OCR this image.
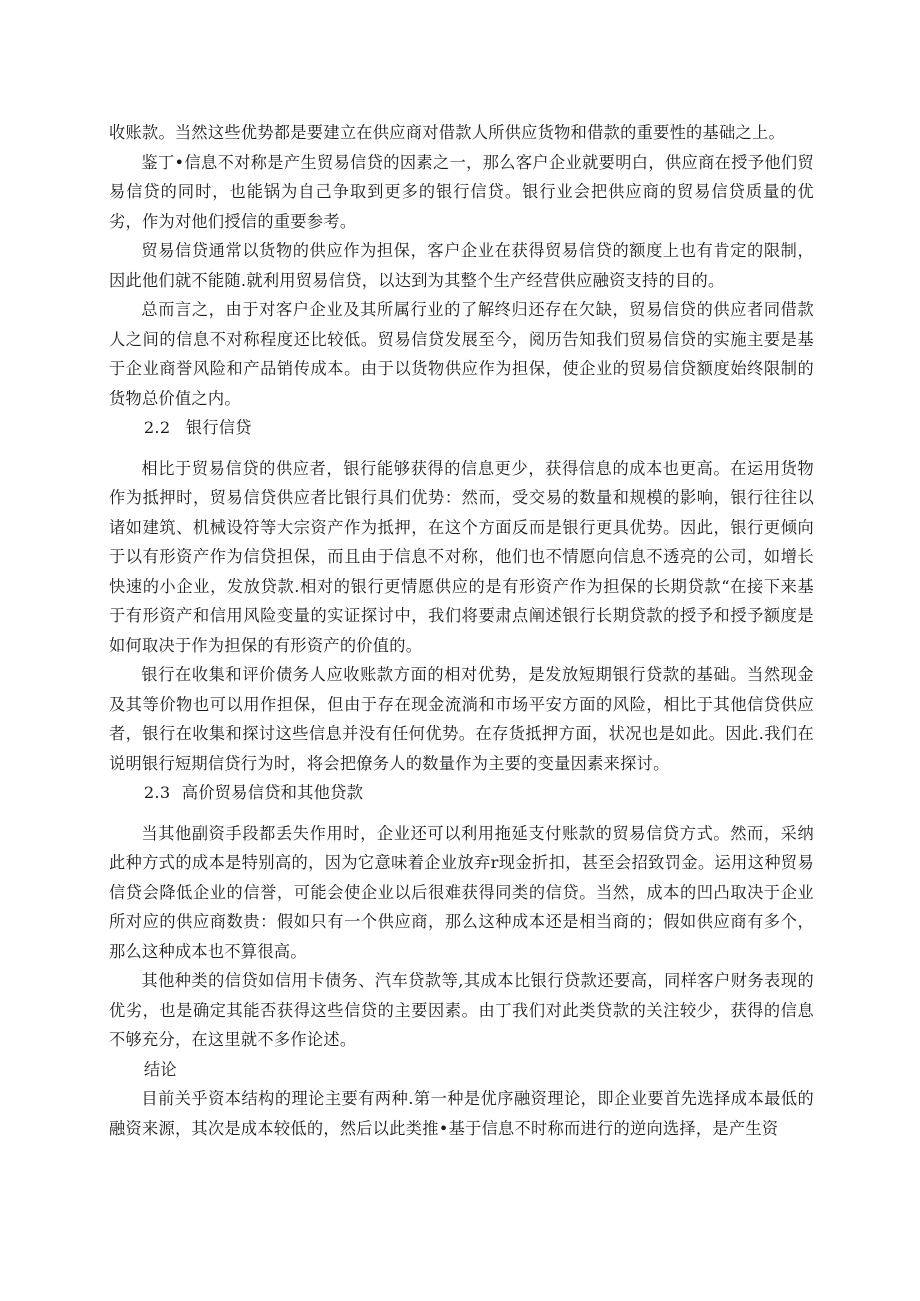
收账款。当然这些优势都是要建立在供应商对借款人所供应货物和借款的重要性的基础之上。

鉴丁•信息不对称是产生贸易信贷的因素之一，那么客户企业就要明白，供应商在授予他们贸易信贷的同时，也能锅为自己争取到更多的银行信贷。银行业会把供应商的贸易信贷质量的优劣，作为对他们授信的重要参考。

贸易信贷通常以货物的供应作为担保，客户企业在获得贸易信贷的额度上也有肯定的限制，因此他们就不能随.就利用贸易信贷，以达到为其整个生产经营供应融资支持的目的。

总而言之，由于对客户企业及其所属行业的了解终归还存在欠缺，贸易信贷的供应者同借款人之间的信息不对称程度还比较低。贸易信贷发展至今，阅历告知我们贸易信贷的实施主要是基于企业商誉风险和产品销传成本。由于以货物供应作为担保，使企业的贸易信贷额度始终限制的货物总价值之内。

2.2 银行信贷

相比于贸易信贷的供应者，银行能够获得的信息更少，获得信息的成本也更高。在运用货物作为抵押时，贸易信贷供应者比银行具们优势：然而，受交易的数量和规模的影响，银行往往以诸如建筑、机械设符等大宗资产作为抵押，在这个方面反而是银行更具优势。因此，银行更倾向于以有形资产作为信贷担保，而且由于信息不对称，他们也不情愿向信息不透亮的公司，如增长快速的小企业，发放贷款.相对的银行更情愿供应的是有形资产作为担保的长期贷款“在接下来基于有形资产和信用风险变量的实证探讨中，我们将要肃点阐述银行长期贷款的授予和授予额度是如何取决于作为担保的有形资产的价值的。

银行在收集和评价债务人应收账款方面的相对优势，是发放短期银行贷款的基础。当然现金及其等价物也可以用作担保，但由于存在现金流淌和市场平安方面的风险，相比于其他信贷供应者，银行在收集和探讨这些信息并没有任何优势。在存货抵押方面，状况也是如此。因此.我们在说明银行短期信贷行为时，将会把僚务人的数量作为主要的变量因素来探讨。

2.3 高价贸易信贷和其他贷款

当其他副资手段都丢失作用时，企业还可以利用拖延支付账款的贸易信贷方式。然而，采纳此种方式的成本是特别高的，因为它意味着企业放弃r现金折扣，甚至会招致罚金。运用这种贸易信贷会降低企业的信誉，可能会使企业以后很难获得同类的信贷。当然，成本的凹凸取决于企业所对应的供应商数贵：假如只有一个供应商，那么这种成本还是相当商的；假如供应商有多个，那么这种成本也不算很高。

其他种类的信贷如信用卡债务、汽车贷款等,其成本比银行贷款还要高，同样客户财务表现的优劣，也是确定其能否获得这些信贷的主要因素。由丁我们对此类贷款的关注较少，获得的信息不够充分，在这里就不多作论述。

结论

目前关乎资本结构的理论主要有两种.第一种是优序融资理论，即企业要首先选择成本最低的融资来源，其次是成本较低的，然后以此类推•基于信息不时称而进行的逆向选择，是产生资
